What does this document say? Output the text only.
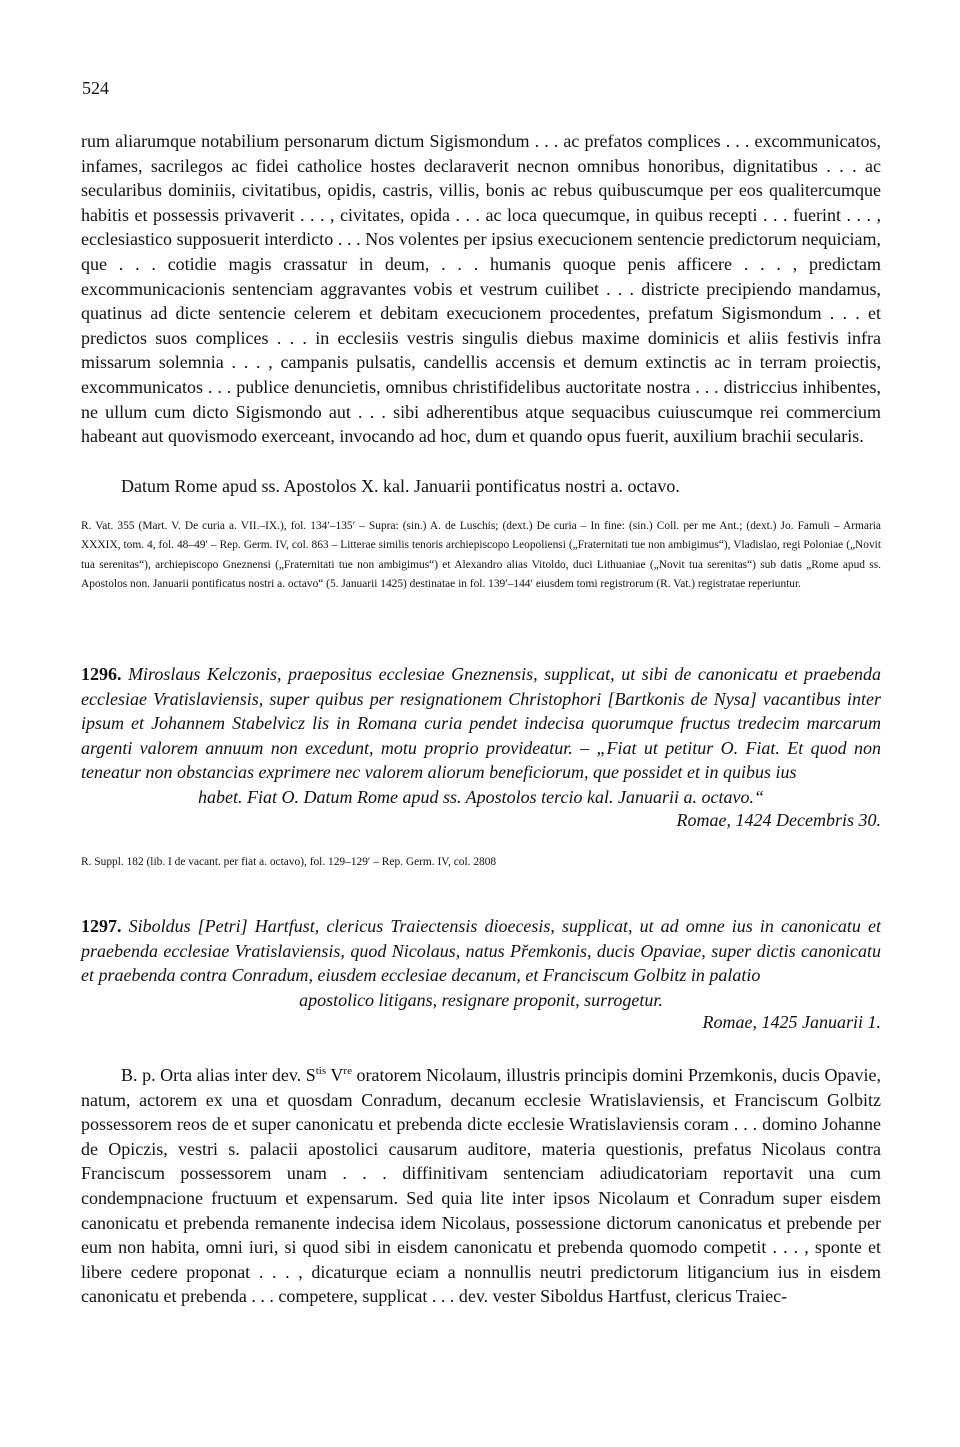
524
rum aliarumque notabilium personarum dictum Sigismondum . . . ac prefatos complices . . . excommunicatos, infames, sacrilegos ac fidei catholice hostes declaraverit necnon omnibus honoribus, dignitatibus . . . ac secularibus dominiis, civitatibus, opidis, castris, villis, bonis ac rebus quibuscumque per eos qualitercumque habitis et possessis privaverit . . . , civitates, opida . . . ac loca quecumque, in quibus recepti . . . fuerint . . . , ecclesiastico supposuerit interdicto . . . Nos volentes per ipsius execucionem sentencie predictorum nequiciam, que . . . cotidie magis crassatur in deum, . . . humanis quoque penis afficere . . . , predictam excommunicacionis sentenciam aggravantes vobis et vestrum cuilibet . . . districte precipiendo mandamus, quatinus ad dicte sentencie celerem et debitam execucionem procedentes, prefatum Sigismondum . . . et predictos suos complices . . . in ecclesiis vestris singulis diebus maxime dominicis et aliis festivis infra missarum solemnia . . . , campanis pulsatis, candellis accensis et demum extinctis ac in terram proiectis, excommunicatos . . . publice denuncietis, omnibus christifidelibus auctoritate nostra . . . districcius inhibentes, ne ullum cum dicto Sigismondo aut . . . sibi adherentibus atque sequacibus cuiuscumque rei commercium habeant aut quovismodo exerceant, invocando ad hoc, dum et quando opus fuerit, auxilium brachii secularis.
Datum Rome apud ss. Apostolos X. kal. Januarii pontificatus nostri a. octavo.
R. Vat. 355 (Mart. V. De curia a. VII.–IX.), fol. 134′–135′ – Supra: (sin.) A. de Luschis; (dext.) De curia – In fine: (sin.) Coll. per me Ant.; (dext.) Jo. Famuli – Armaria XXXIX, tom. 4, fol. 48–49′ – Rep. Germ. IV, col. 863 – Litterae similis tenoris archiepiscopo Leopoliensi („Fraternitati tue non ambigimus“), Vladislao, regi Poloniae („Novit tua serenitas“), archiepiscopo Gneznensi („Fraternitati tue non ambigimus“) et Alexandro alias Vitoldo, duci Lithuaniae („Novit tua serenitas“) sub datis „Rome apud ss. Apostolos non. Januarii pontificatus nostri a. octavo“ (5. Januarii 1425) destinatae in fol. 139′–144′ eiusdem tomi registrorum (R. Vat.) registratae reperiuntur.
1296. Miroslaus Kelczonis, praepositus ecclesiae Gneznensis, supplicat, ut sibi de canonicatu et praebenda ecclesiae Vratislaviensis, super quibus per resignationem Christophori [Bartkonis de Nysa] vacantibus inter ipsum et Johannem Stabelvicz lis in Romana curia pendet indecisa quorumque fructus tredecim marcarum argenti valorem annuum non excedunt, motu proprio provideatur. – „Fiat ut petitur O. Fiat. Et quod non teneatur non obstancias exprimere nec valorem aliorum beneficiorum, que possidet et in quibus ius
habet. Fiat O. Datum Rome apud ss. Apostolos tercio kal. Januarii a. octavo.“
Romae, 1424 Decembris 30.
R. Suppl. 182 (lib. I de vacant. per fiat a. octavo), fol. 129–129′ – Rep. Germ. IV, col. 2808
1297. Siboldus [Petri] Hartfust, clericus Traiectensis dioecesis, supplicat, ut ad omne ius in canonicatu et praebenda ecclesiae Vratislaviensis, quod Nicolaus, natus Přemkonis, ducis Opaviae, super dictis canonicatu et praebenda contra Conradum, eiusdem ecclesiae decanum, et Franciscum Golbitz in palatio
apostolico litigans, resignare proponit, surrogetur.
Romae, 1425 Januarii 1.
B. p. Orta alias inter dev. $S^{tis}$ Vre oratorem Nicolaum, illustris principis domini Przemkonis, ducis Opavie, natum, actorem ex una et quosdam Conradum, decanum ecclesie Wratislaviensis, et Franciscum Golbitz possessorem reos de et super canonicatu et prebenda dicte ecclesie Wratislaviensis coram . . . domino Johanne de Opiczis, vestri s. palacii apostolici causarum auditore, materia questionis, prefatus Nicolaus contra Franciscum possessorem unam . . . diffinitivam sentenciam adiudicatoriam reportavit una cum condempnacione fructuum et expensarum. Sed quia lite inter ipsos Nicolaum et Conradum super eisdem canonicatu et prebenda remanente indecisa idem Nicolaus, possessione dictorum canonicatus et prebende per eum non habita, omni iuri, si quod sibi in eisdem canonicatu et prebenda quomodo competit . . . , sponte et libere cedere proponat . . . , dicaturque eciam a nonnullis neutri predictorum litigancium ius in eisdem canonicatu et prebenda . . . competere, supplicat . . . dev. vester Siboldus Hartfust, clericus Traiec-
